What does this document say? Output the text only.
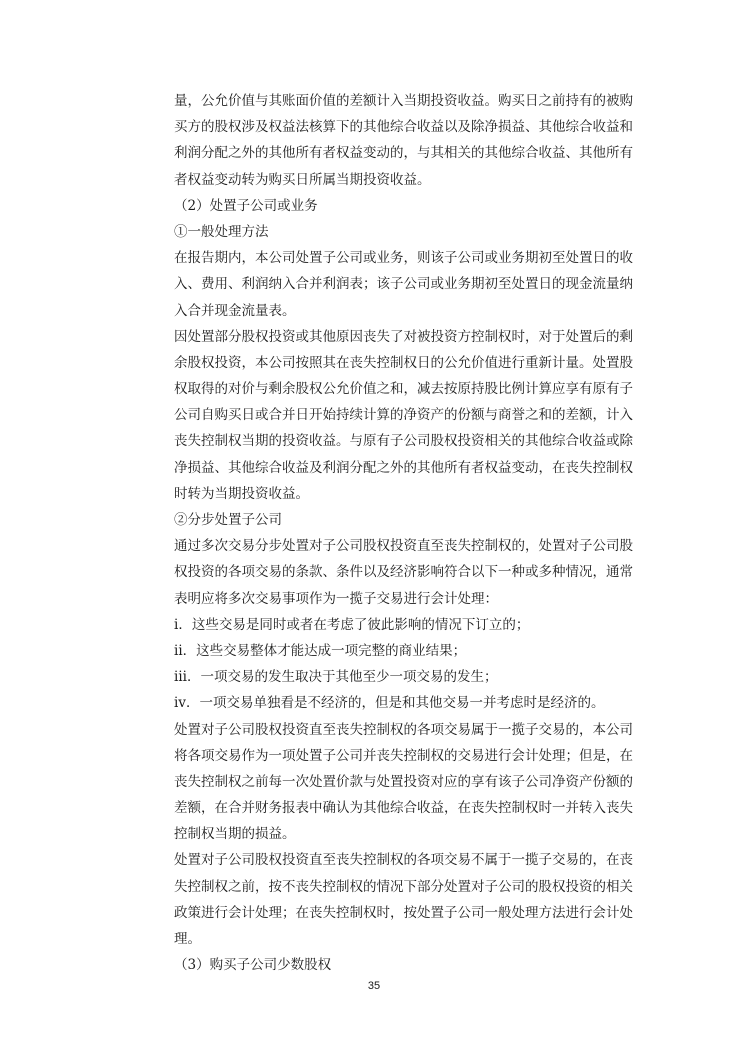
量，公允价值与其账面价值的差额计入当期投资收益。购买日之前持有的被购
买方的股权涉及权益法核算下的其他综合收益以及除净损益、其他综合收益和
利润分配之外的其他所有者权益变动的，与其相关的其他综合收益、其他所有
者权益变动转为购买日所属当期投资收益。
（2）处置子公司或业务
①一般处理方法
在报告期内，本公司处置子公司或业务，则该子公司或业务期初至处置日的收
入、费用、利润纳入合并利润表；该子公司或业务期初至处置日的现金流量纳
入合并现金流量表。
因处置部分股权投资或其他原因丧失了对被投资方控制权时，对于处置后的剩
余股权投资，本公司按照其在丧失控制权日的公允价值进行重新计量。处置股
权取得的对价与剩余股权公允价值之和，减去按原持股比例计算应享有原有子
公司自购买日或合并日开始持续计算的净资产的份额与商誉之和的差额，计入
丧失控制权当期的投资收益。与原有子公司股权投资相关的其他综合收益或除
净损益、其他综合收益及利润分配之外的其他所有者权益变动，在丧失控制权
时转为当期投资收益。
②分步处置子公司
通过多次交易分步处置对子公司股权投资直至丧失控制权的，处置对子公司股
权投资的各项交易的条款、条件以及经济影响符合以下一种或多种情况，通常
表明应将多次交易事项作为一揽子交易进行会计处理：
ⅰ．这些交易是同时或者在考虑了彼此影响的情况下订立的；
ⅱ．这些交易整体才能达成一项完整的商业结果；
ⅲ．一项交易的发生取决于其他至少一项交易的发生；
ⅳ．一项交易单独看是不经济的，但是和其他交易一并考虑时是经济的。
处置对子公司股权投资直至丧失控制权的各项交易属于一揽子交易的，本公司
将各项交易作为一项处置子公司并丧失控制权的交易进行会计处理；但是，在
丧失控制权之前每一次处置价款与处置投资对应的享有该子公司净资产份额的
差额，在合并财务报表中确认为其他综合收益，在丧失控制权时一并转入丧失
控制权当期的损益。
处置对子公司股权投资直至丧失控制权的各项交易不属于一揽子交易的，在丧
失控制权之前，按不丧失控制权的情况下部分处置对子公司的股权投资的相关
政策进行会计处理；在丧失控制权时，按处置子公司一般处理方法进行会计处
理。
（3）购买子公司少数股权
35
